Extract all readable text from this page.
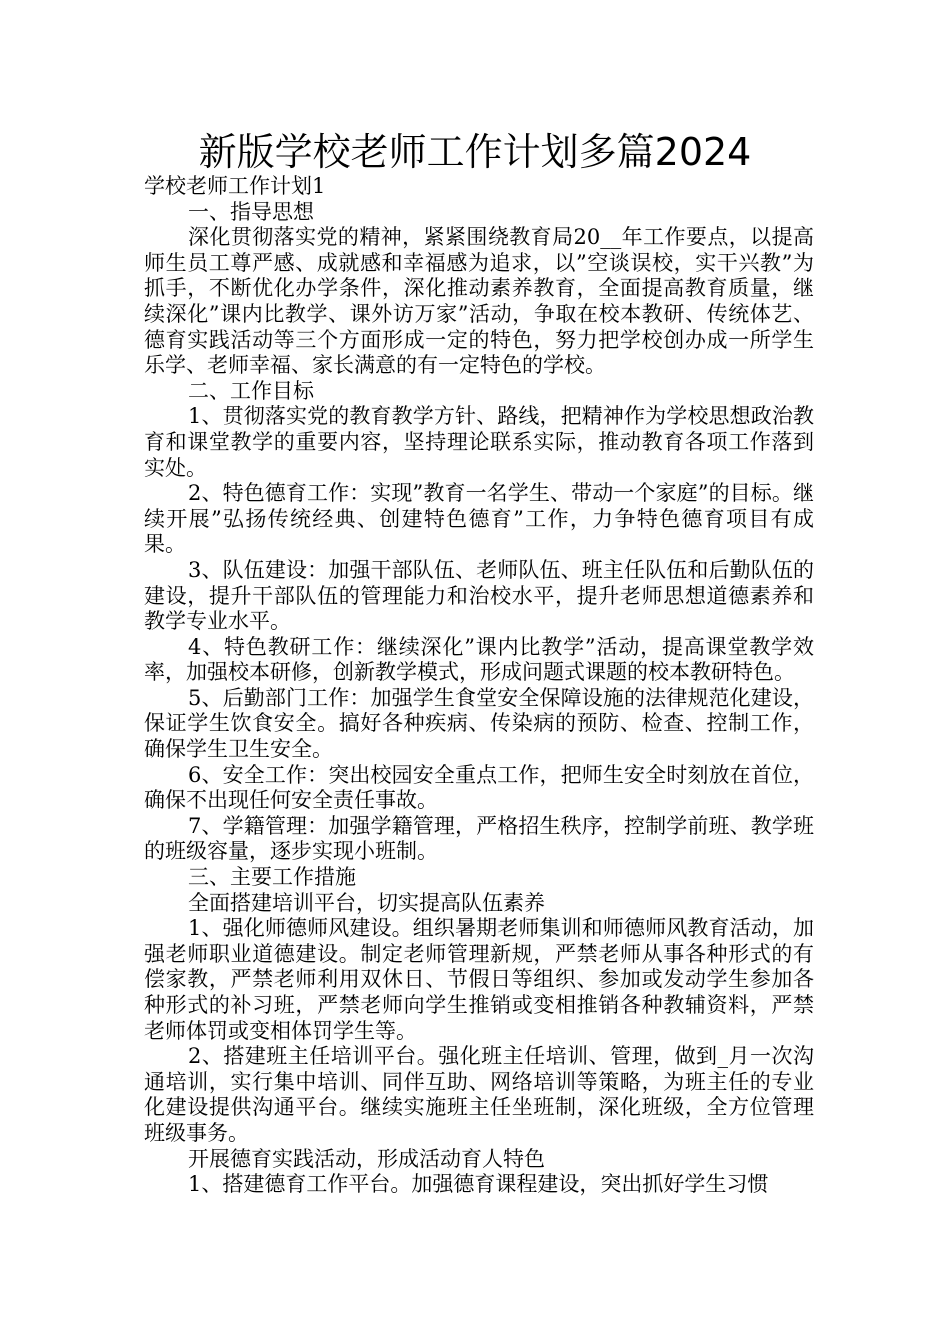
新版学校老师工作计划多篇2024

学校老师工作计划1

一、指导思想

深化贯彻落实党的精神，紧紧围绕教育局20__年工作要点，以提高师生员工尊严感、成就感和幸福感为追求，以”空谈误校，实干兴教”为抓手，不断优化办学条件，深化推动素养教育，全面提高教育质量，继续深化”课内比教学、课外访万家”活动，争取在校本教研、传统体艺、德育实践活动等三个方面形成一定的特色，努力把学校创办成一所学生乐学、老师幸福、家长满意的有一定特色的学校。

二、工作目标

1、贯彻落实党的教育教学方针、路线，把精神作为学校思想政治教育和课堂教学的重要内容，坚持理论联系实际，推动教育各项工作落到实处。

2、特色德育工作：实现”教育一名学生、带动一个家庭”的目标。继续开展”弘扬传统经典、创建特色德育”工作，力争特色德育项目有成果。

3、队伍建设：加强干部队伍、老师队伍、班主任队伍和后勤队伍的建设，提升干部队伍的管理能力和治校水平，提升老师思想道德素养和教学专业水平。

4、特色教研工作：继续深化”课内比教学”活动，提高课堂教学效率，加强校本研修，创新教学模式，形成问题式课题的校本教研特色。

5、后勤部门工作：加强学生食堂安全保障设施的法律规范化建设，保证学生饮食安全。搞好各种疾病、传染病的预防、检查、控制工作，确保学生卫生安全。

6、安全工作：突出校园安全重点工作，把师生安全时刻放在首位，确保不出现任何安全责任事故。

7、学籍管理：加强学籍管理，严格招生秩序，控制学前班、教学班的班级容量，逐步实现小班制。

三、主要工作措施

全面搭建培训平台，切实提高队伍素养

1、强化师德师风建设。组织暑期老师集训和师德师风教育活动，加强老师职业道德建设。制定老师管理新规，严禁老师从事各种形式的有偿家教，严禁老师利用双休日、节假日等组织、参加或发动学生参加各种形式的补习班，严禁老师向学生推销或变相推销各种教辅资料，严禁老师体罚或变相体罚学生等。

2、搭建班主任培训平台。强化班主任培训、管理，做到_月一次沟通培训，实行集中培训、同伴互助、网络培训等策略，为班主任的专业化建设提供沟通平台。继续实施班主任坐班制，深化班级，全方位管理班级事务。

开展德育实践活动，形成活动育人特色

1、搭建德育工作平台。加强德育课程建设，突出抓好学生习惯
